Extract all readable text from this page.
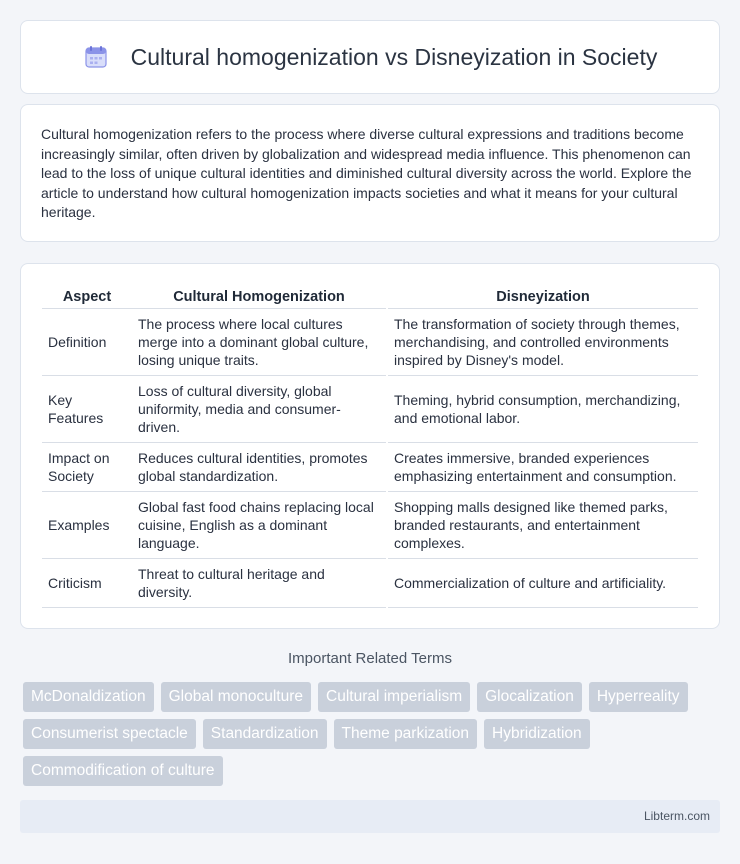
Cultural homogenization vs Disneyization in Society

Cultural homogenization refers to the process where diverse cultural expressions and traditions become increasingly similar, often driven by globalization and widespread media influence. This phenomenon can lead to the loss of unique cultural identities and diminished cultural diversity across the world. Explore the article to understand how cultural homogenization impacts societies and what it means for your cultural heritage.

Aspect	Cultural Homogenization	Disneyization
Definition	The process where local cultures merge into a dominant global culture, losing unique traits.	The transformation of society through themes, merchandising, and controlled environments inspired by Disney's model.
Key Features	Loss of cultural diversity, global uniformity, media and consumer-driven.	Theming, hybrid consumption, merchandizing, and emotional labor.
Impact on Society	Reduces cultural identities, promotes global standardization.	Creates immersive, branded experiences emphasizing entertainment and consumption.
Examples	Global fast food chains replacing local cuisine, English as a dominant language.	Shopping malls designed like themed parks, branded restaurants, and entertainment complexes.
Criticism	Threat to cultural heritage and diversity.	Commercialization of culture and artificiality.
Important Related Terms
McDonaldization	Global monoculture	Cultural imperialism	Glocalization	Hyperreality
Consumerist spectacle	Standardization	Theme parkization	Hybridization
Commodification of culture
Libterm.com
